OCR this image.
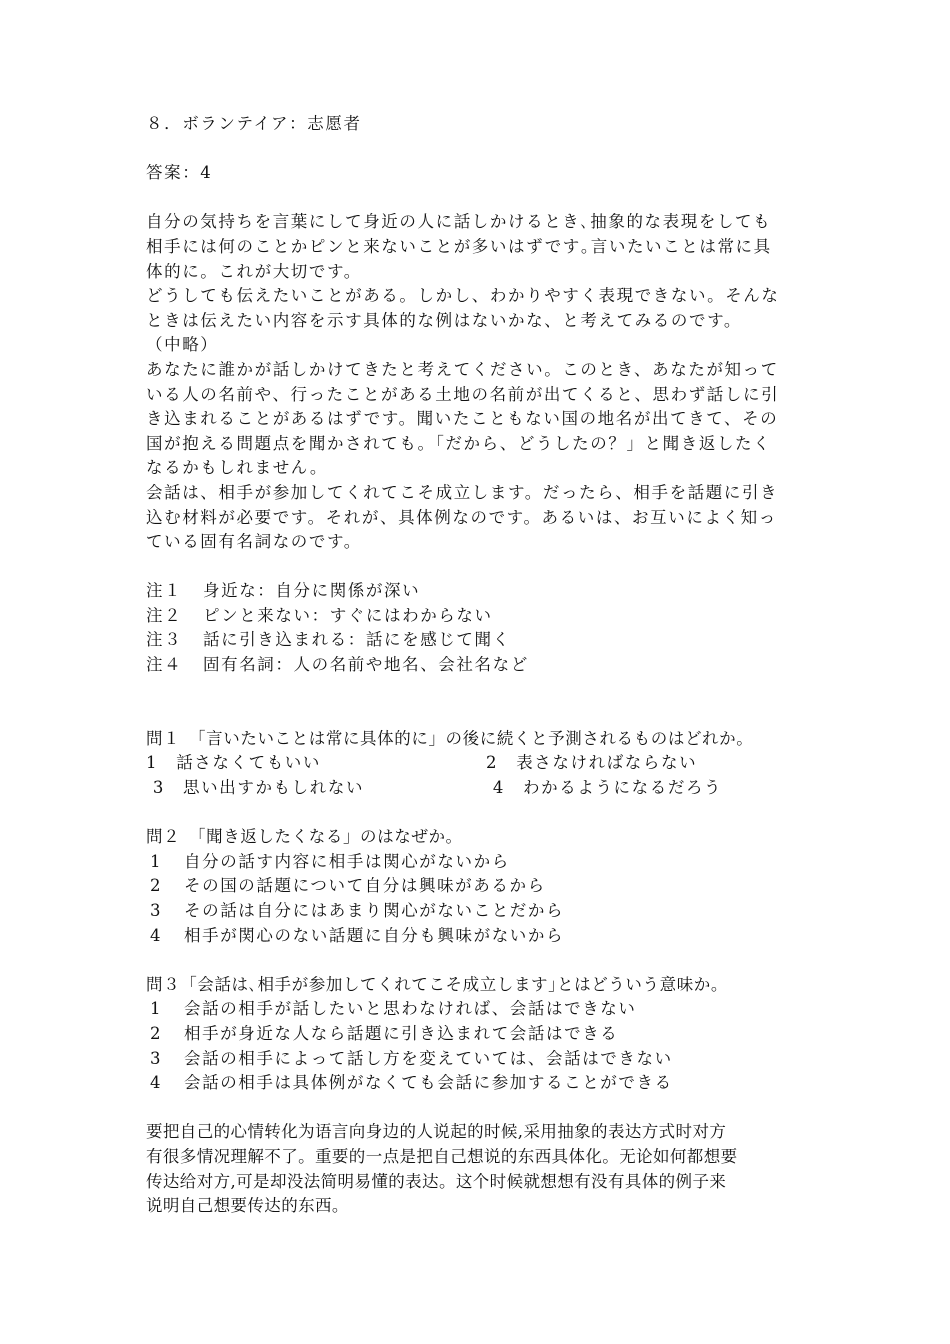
８．ボランテイア：志愿者
答案：4
自分の気持ちを言葉にして身近の人に話しかけるとき､抽象的な表現をしても
相手には何のことかピンと来ないことが多いはずです｡言いたいことは常に具
体的に。これが大切です。
どうしても伝えたいことがある。しかし、わかりやすく表現できない。そんな
ときは伝えたい内容を示す具体的な例はないかな、と考えてみるのです。
（中略）
あなたに誰かが話しかけてきたと考えてください。このとき、あなたが知って
いる人の名前や、行ったことがある土地の名前が出てくると、思わず話しに引
き込まれることがあるはずです。聞いたこともない国の地名が出てきて、その
国が抱える問題点を聞かされても。「だから、どうしたの？」と聞き返したく
なるかもしれません。
会話は、相手が参加してくれてこそ成立します。だったら、相手を話題に引き
込む材料が必要です。それが、具体例なのです。あるいは、お互いによく知っ
ている固有名詞なのです。
注１	身近な：自分に関係が深い
注２	ピンと来ない：すぐにはわからない
注３	話に引き込まれる：話にを感じて聞く
注４	固有名詞：人の名前や地名、会社名など
問１　「言いたいことは常に具体的に」の後に続くと予測されるものはどれか。
1　話さなくてもいい	2　表さなければならない
3　思い出すかもしれない	4　わかるようになるだろう
問２　「聞き返したくなる」のはなぜか。
1	自分の話す内容に相手は関心がないから
2	その国の話題について自分は興味があるから
3	その話は自分にはあまり関心がないことだから
4	相手が関心のない話題に自分も興味がないから
問３「会話は､相手が参加してくれてこそ成立します｣とはどういう意味か。
1	会話の相手が話したいと思わなければ、会話はできない
2	相手が身近な人なら話題に引き込まれて会話はできる
3	会話の相手によって話し方を変えていては、会話はできない
4	会話の相手は具体例がなくても会話に参加することができる
要把自己的心情转化为语言向身边的人说起的时候,采用抽象的表达方式时对方
有很多情况理解不了。重要的一点是把自己想说的东西具体化。无论如何都想要
传达给对方,可是却没法简明易懂的表达。这个时候就想想有没有具体的例子来
说明自己想要传达的东西。
